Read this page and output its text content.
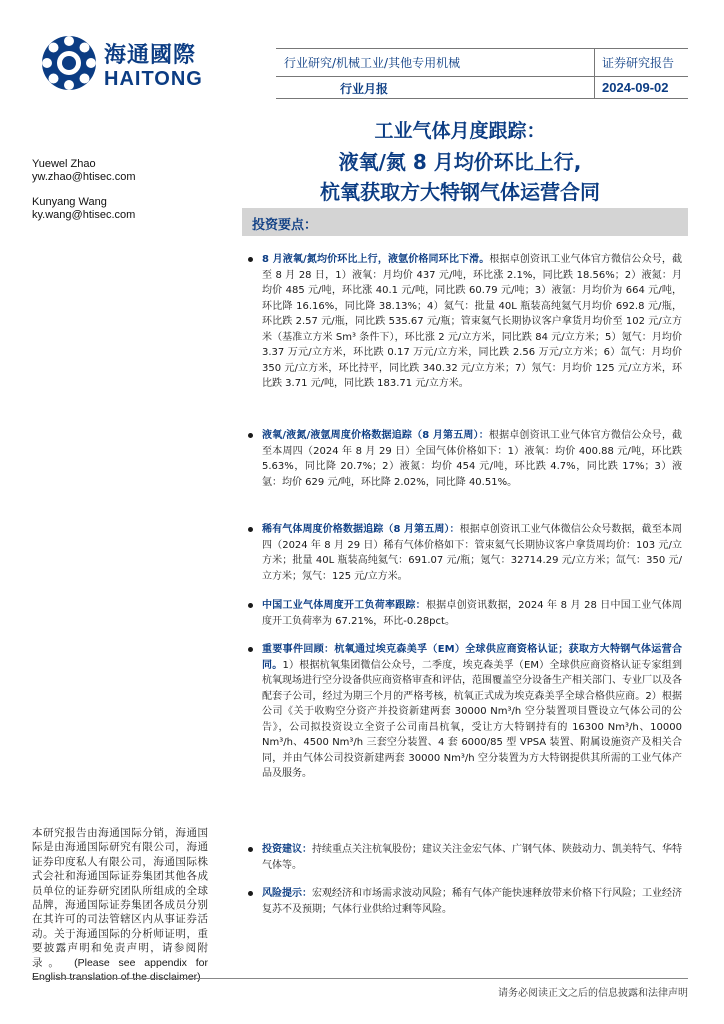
海通國際
HAITONG
行业研究/机械工业/其他专用机械
行业月报
证券研究报告
2024-09-02
工业气体月度跟踪：
液氧/氮 8 月均价环比上行,
杭氧获取方大特钢气体运营合同
Yuewel Zhao
yw.zhao@htisec.com
Kunyang Wang
ky.wang@htisec.com
投资要点：
8 月液氧/氮均价环比上行，液氩价格同环比下滑。根据卓创资讯工业气体官方微信公众号，截至 8 月 28 日，1）液氧：月均价 437 元/吨，环比涨 2.1%，同比跌 18.56%；2）液氮：月均价 485 元/吨，环比涨 40.1 元/吨，同比跌 60.79 元/吨；3）液氩：月均价为 664 元/吨，环比降 16.16%，同比降 38.13%；4）氦气：批量 40L 瓶装高纯氦气月均价 692.8 元/瓶，环比跌 2.57 元/瓶，同比跌 535.67 元/瓶；管束氦气长期协议客户拿货月均价至 102 元/立方米（基准立方米 Sm³ 条件下），环比涨 2 元/立方米，同比跌 84 元/立方米；5）氪气：月均价 3.37 万元/立方米，环比跌 0.17 万元/立方米，同比跌 2.56 万元/立方米；6）氙气：月均价 350 元/立方米，环比持平，同比跌 340.32 元/立方米；7）氖气：月均价 125 元/立方米，环比跌 3.71 元/吨，同比跌 183.71 元/立方米。
液氧/液氮/液氩周度价格数据追踪（8 月第五周）：根据卓创资讯工业气体官方微信公众号，截至本周四（2024 年 8 月 29 日）全国气体价格如下：1）液氧：均价 400.88 元/吨，环比跌 5.63%，同比降 20.7%；2）液氮：均价 454 元/吨，环比跌 4.7%，同比跌 17%；3）液氩：均价 629 元/吨，环比降 2.02%，同比降 40.51%。
稀有气体周度价格数据追踪（8 月第五周）：根据卓创资讯工业气体微信公众号数据，截至本周四（2024 年 8 月 29 日）稀有气体价格如下：管束氦气长期协议客户拿货周均价：103 元/立方米；批量 40L 瓶装高纯氦气：691.07 元/瓶；氪气：32714.29 元/立方米；氙气：350 元/立方米；氖气：125 元/立方米。
中国工业气体周度开工负荷率跟踪：根据卓创资讯数据，2024 年 8 月 28 日中国工业气体周度开工负荷率为 67.21%，环比-0.28pct。
重要事件回顾：杭氧通过埃克森美孚（EM）全球供应商资格认证；获取方大特钢气体运营合同。1）根据杭氧集团微信公众号，二季度，埃克森美孚（EM）全球供应商资格认证专家组到杭氧现场进行空分设备供应商资格审查和评估，范围覆盖空分设备生产相关部门、专业厂以及各配套子公司，经过为期三个月的严格考核，杭氧正式成为埃克森美孚全球合格供应商。2）根据公司《关于收购空分资产并投资新建两套 30000 Nm³/h 空分装置项目暨设立气体公司的公告》，公司拟投资设立全资子公司南昌杭氧，受让方大特钢持有的 16300 Nm³/h、10000 Nm³/h、4500 Nm³/h 三套空分装置、4 套 6000/85 型 VPSA 装置、附属设施资产及相关合同，并由气体公司投资新建两套 30000 Nm³/h 空分装置为方大特钢提供其所需的工业气体产品及服务。
投资建议：持续重点关注杭氧股份；建议关注金宏气体、广钢气体、陕鼓动力、凯美特气、华特气体等。
风险提示：宏观经济和市场需求波动风险；稀有气体产能快速释放带来价格下行风险；工业经济复苏不及预期；气体行业供给过剩等风险。
本研究报告由海通国际分销，海通国际是由海通国际研究有限公司，海通证券印度私人有限公司，海通国际株式会社和海通国际证券集团其他各成员单位的证券研究团队所组成的全球品牌，海通国际证券集团各成员分别在其许可的司法管辖区内从事证券活动。关于海通国际的分析师证明，重要披露声明和免责声明，请参阅附录。 (Please see appendix for
请务必阅读正文之后的信息披露和法律声明
